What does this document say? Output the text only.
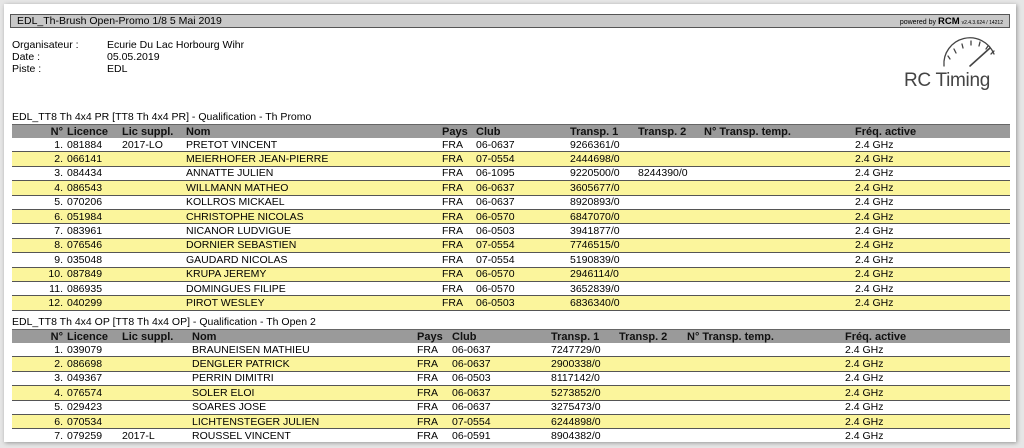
EDL_Th-Brush Open-Promo 1/8 5 Mai 2019	powered by RCM v2.4.3.624 / 14212
Organisateur :	Ecurie Du Lac Horbourg Wihr
Date :	05.05.2019
Piste :	EDL
RC Timing
EDL_TT8 Th 4x4 PR [TT8 Th 4x4 PR] - Qualification - Th Promo
N°	Licence	Lic suppl.	Nom	Pays	Club	Transp. 1	Transp. 2	N° Transp. temp.	Fréq. active
1.	081884	2017-LO	PRETOT VINCENT	FRA	06-0637	9266361/0			2.4 GHz
2.	066141		MEIERHOFER JEAN-PIERRE	FRA	07-0554	2444698/0			2.4 GHz
3.	084434		ANNATTE JULIEN	FRA	06-1095	9220500/0	8244390/0		2.4 GHz
4.	086543		WILLMANN MATHEO	FRA	06-0637	3605677/0			2.4 GHz
5.	070206		KOLLROS MICKAEL	FRA	06-0637	8920893/0			2.4 GHz
6.	051984		CHRISTOPHE NICOLAS	FRA	06-0570	6847070/0			2.4 GHz
7.	083961		NICANOR LUDVIGUE	FRA	06-0503	3941877/0			2.4 GHz
8.	076546		DORNIER SEBASTIEN	FRA	07-0554	7746515/0			2.4 GHz
9.	035048		GAUDARD NICOLAS	FRA	07-0554	5190839/0			2.4 GHz
10.	087849		KRUPA JEREMY	FRA	06-0570	2946114/0			2.4 GHz
11.	086935		DOMINGUES FILIPE	FRA	06-0570	3652839/0			2.4 GHz
12.	040299		PIROT WESLEY	FRA	06-0503	6836340/0			2.4 GHz
EDL_TT8 Th 4x4 OP [TT8 Th 4x4 OP] - Qualification - Th Open 2
N°	Licence	Lic suppl.	Nom	Pays	Club	Transp. 1	Transp. 2	N° Transp. temp.	Fréq. active
1.	039079		BRAUNEISEN MATHIEU	FRA	06-0637	7247729/0			2.4 GHz
2.	086698		DENGLER PATRICK	FRA	06-0637	2900338/0			2.4 GHz
3.	049367		PERRIN DIMITRI	FRA	06-0503	8117142/0			2.4 GHz
4.	076574		SOLER ELOI	FRA	06-0637	5273852/0			2.4 GHz
5.	029423		SOARES JOSE	FRA	06-0637	3275473/0			2.4 GHz
6.	070534		LICHTENSTEGER JULIEN	FRA	07-0554	6244898/0			2.4 GHz
7.	079259	2017-L	ROUSSEL VINCENT	FRA	06-0591	8904382/0			2.4 GHz
